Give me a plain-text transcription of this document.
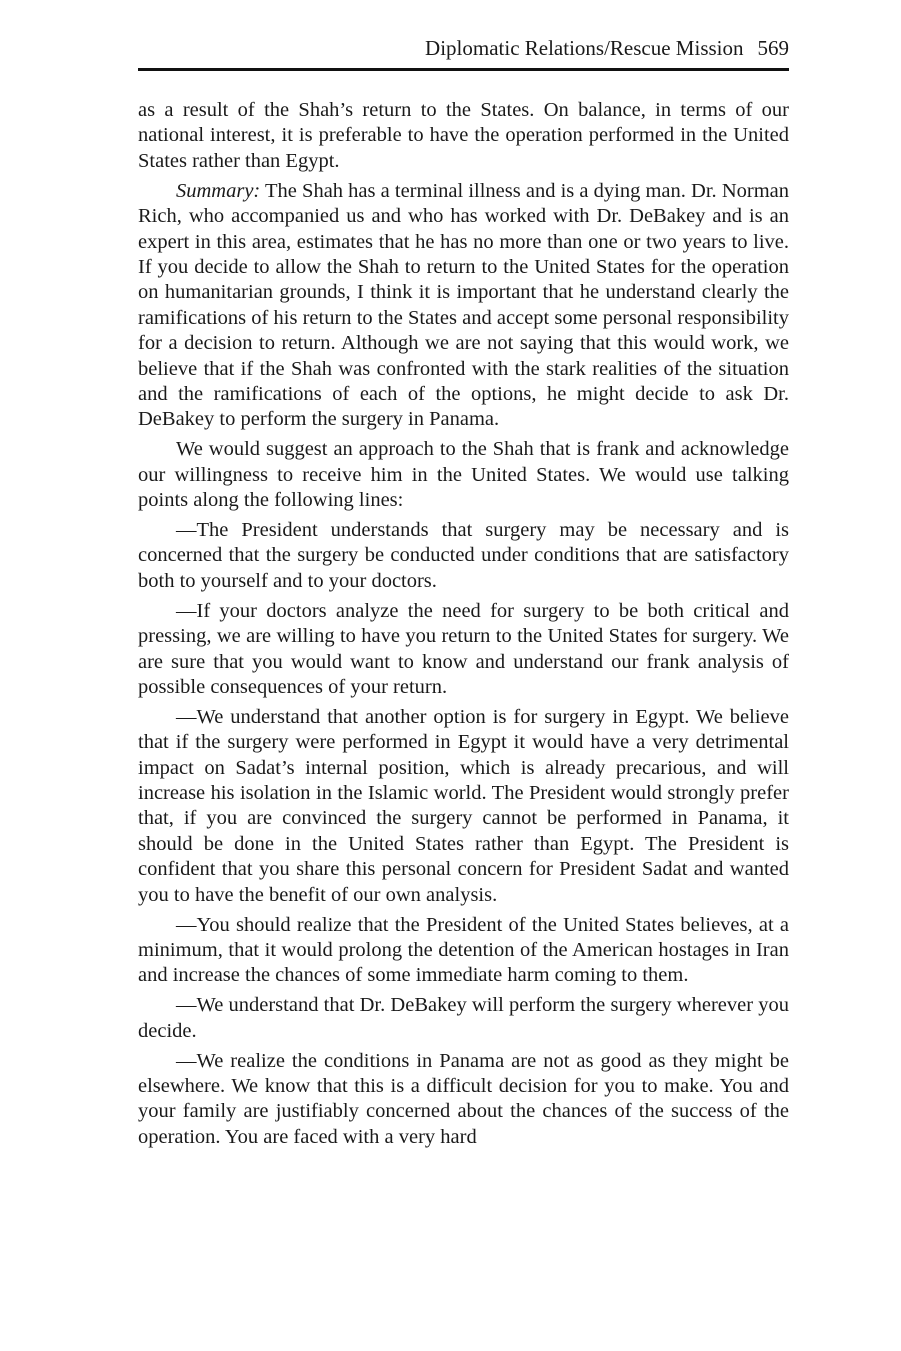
Diplomatic Relations/Rescue Mission 569

as a result of the Shah’s return to the States. On balance, in terms of our national interest, it is preferable to have the operation performed in the United States rather than Egypt.

Summary: The Shah has a terminal illness and is a dying man. Dr. Norman Rich, who accompanied us and who has worked with Dr. DeBakey and is an expert in this area, estimates that he has no more than one or two years to live. If you decide to allow the Shah to return to the United States for the operation on humanitarian grounds, I think it is important that he understand clearly the ramifications of his return to the States and accept some personal responsibility for a decision to return. Although we are not saying that this would work, we believe that if the Shah was confronted with the stark realities of the situation and the ramifications of each of the options, he might decide to ask Dr. DeBakey to perform the surgery in Panama.

We would suggest an approach to the Shah that is frank and acknowledge our willingness to receive him in the United States. We would use talking points along the following lines:

—The President understands that surgery may be necessary and is concerned that the surgery be conducted under conditions that are satisfactory both to yourself and to your doctors.

—If your doctors analyze the need for surgery to be both critical and pressing, we are willing to have you return to the United States for surgery. We are sure that you would want to know and understand our frank analysis of possible consequences of your return.

—We understand that another option is for surgery in Egypt. We believe that if the surgery were performed in Egypt it would have a very detrimental impact on Sadat’s internal position, which is already precarious, and will increase his isolation in the Islamic world. The President would strongly prefer that, if you are convinced the surgery cannot be performed in Panama, it should be done in the United States rather than Egypt. The President is confident that you share this personal concern for President Sadat and wanted you to have the benefit of our own analysis.

—You should realize that the President of the United States believes, at a minimum, that it would prolong the detention of the American hostages in Iran and increase the chances of some immediate harm coming to them.

—We understand that Dr. DeBakey will perform the surgery wherever you decide.

—We realize the conditions in Panama are not as good as they might be elsewhere. We know that this is a difficult decision for you to make. You and your family are justifiably concerned about the chances of the success of the operation. You are faced with a very hard
